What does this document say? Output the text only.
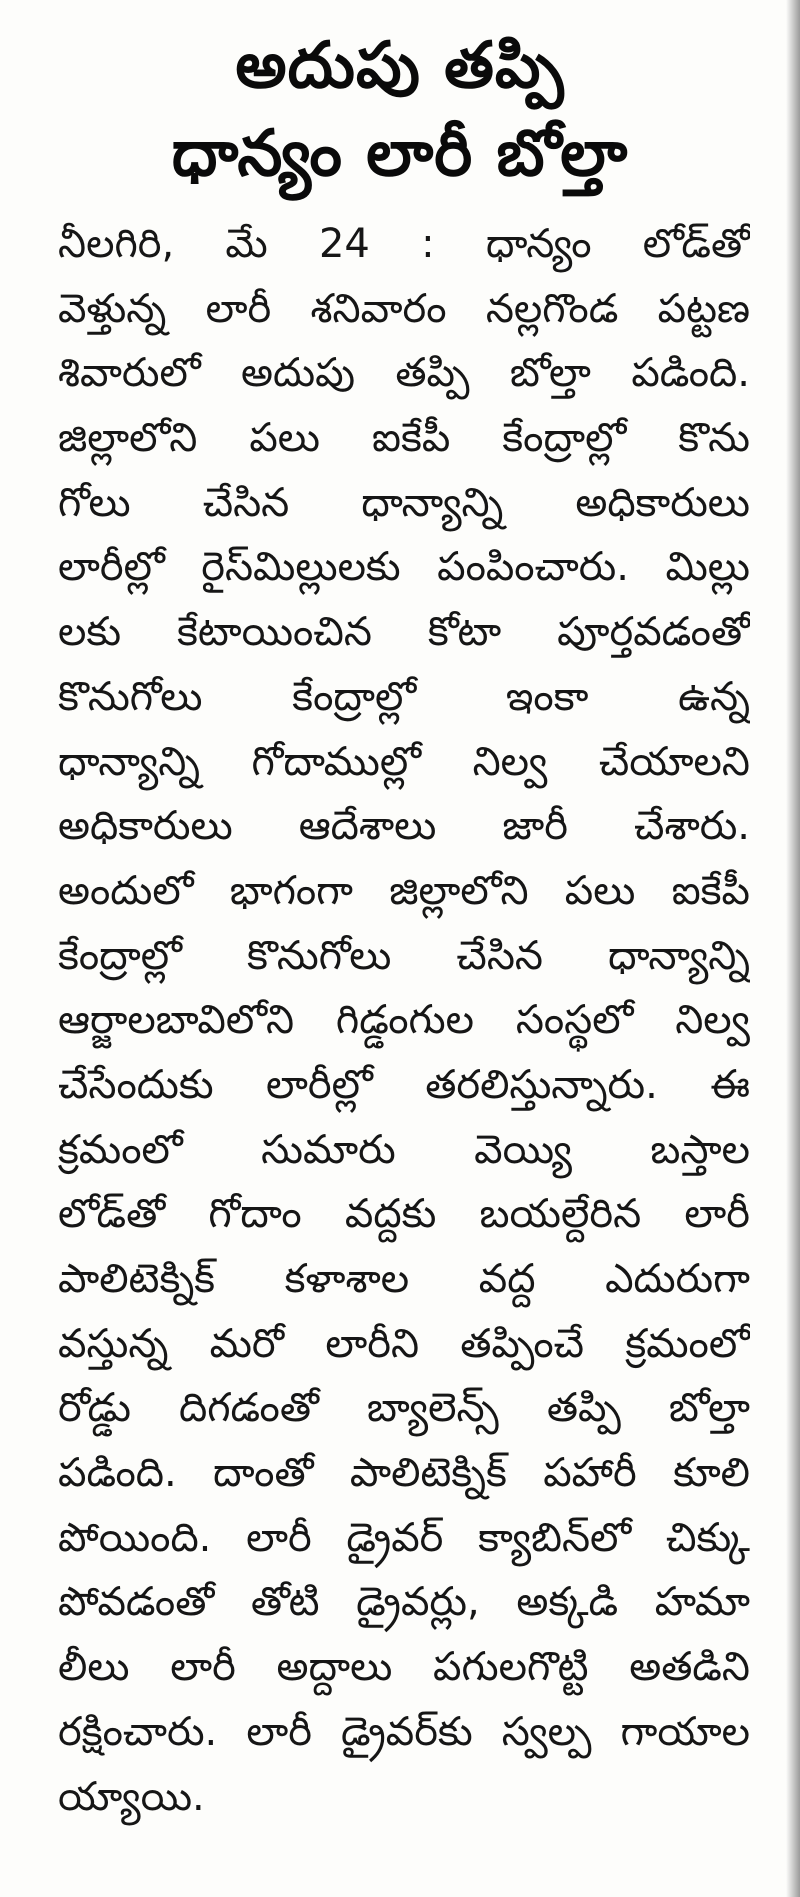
అదుపు తప్పి
ధాన్యం లారీ బోల్తా
నీలగిరి, మే 24 : ధాన్యం లోడ్‌తో
వెళ్తున్న లారీ శనివారం నల్లగొండ పట్టణ
శివారులో అదుపు తప్పి బోల్తా పడింది.
జిల్లాలోని పలు ఐకేపీ కేంద్రాల్లో కొను
గోలు చేసిన ధాన్యాన్ని అధికారులు
లారీల్లో రైస్‌మిల్లులకు పంపించారు. మిల్లు
లకు కేటాయించిన కోటా పూర్తవడంతో
కొనుగోలు కేంద్రాల్లో ఇంకా ఉన్న
ధాన్యాన్ని గోదాముల్లో నిల్వ చేయాలని
అధికారులు ఆదేశాలు జారీ చేశారు.
అందులో భాగంగా జిల్లాలోని పలు ఐకేపీ
కేంద్రాల్లో కొనుగోలు చేసిన ధాన్యాన్ని
ఆర్జాలబావిలోని గిడ్డంగుల సంస్థలో నిల్వ
చేసేందుకు లారీల్లో తరలిస్తున్నారు. ఈ
క్రమంలో సుమారు వెయ్యి బస్తాల
లోడ్‌తో గోదాం వద్దకు బయల్దేరిన లారీ
పాలిటెక్నిక్ కళాశాల వద్ద ఎదురుగా
వస్తున్న మరో లారీని తప్పించే క్రమంలో
రోడ్డు దిగడంతో బ్యాలెన్స్ తప్పి బోల్తా
పడింది. దాంతో పాలిటెక్నిక్ పహారీ కూలి
పోయింది. లారీ డ్రైవర్ క్యాబిన్‌లో చిక్కు
పోవడంతో తోటి డ్రైవర్లు, అక్కడి హమా
లీలు లారీ అద్దాలు పగులగొట్టి అతడిని
రక్షించారు. లారీ డ్రైవర్‌కు స్వల్ప గాయాల
య్యాయి.
